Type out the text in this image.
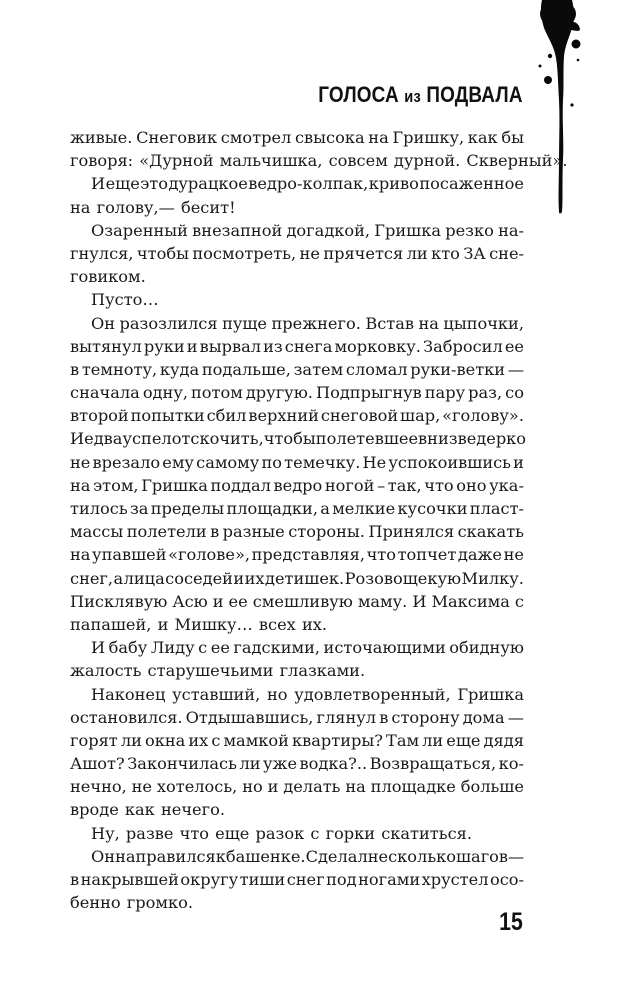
ГОЛОСА из ПОДВАЛА
живые. Снеговик смотрел свысока на Гришку, как бы
говоря: «Дурной мальчишка, совсем дурной. Скверный».
И еще это дурацкое ведро-колпак, криво посаженное
на голову,— бесит!
Озаренный внезапной догадкой, Гришка резко на-
гнулся, чтобы посмотреть, не прячется ли кто ЗА сне-
говиком.
Пусто…
Он разозлился пуще прежнего. Встав на цыпочки,
вытянул руки и вырвал из снега морковку. Забросил ее
в темноту, куда подальше, затем сломал руки-ветки —
сначала одну, потом другую. Подпрыгнув пару раз, со
второй попытки сбил верхний снеговой шар, «голову».
И едва успел отскочить, чтобы полетевшее вниз ведерко
не врезало ему самому по темечку. Не успокоившись и
на этом, Гришка поддал ведро ногой – так, что оно ука-
тилось за пределы площадки, а мелкие кусочки пласт-
массы полетели в разные стороны. Принялся скакать
на упавшей «голове», представляя, что топчет даже не
снег, а лица соседей и их детишек. Розовощекую Милку.
Писклявую Асю и ее смешливую маму. И Максима с
папашей, и Мишку… всех их.
И бабу Лиду с ее гадскими, источающими обидную
жалость старушечьими глазками.
Наконец уставший, но удовлетворенный, Гришка
остановился. Отдышавшись, глянул в сторону дома —
горят ли окна их с мамкой квартиры? Там ли еще дядя
Ашот? Закончилась ли уже водка?.. Возвращаться, ко-
нечно, не хотелось, но и делать на площадке больше
вроде как нечего.
Ну, разве что еще разок с горки скатиться.
Он направился к башенке. Сделал несколько шагов —
в накрывшей округу тиши снег под ногами хрустел осо-
бенно громко.
15
